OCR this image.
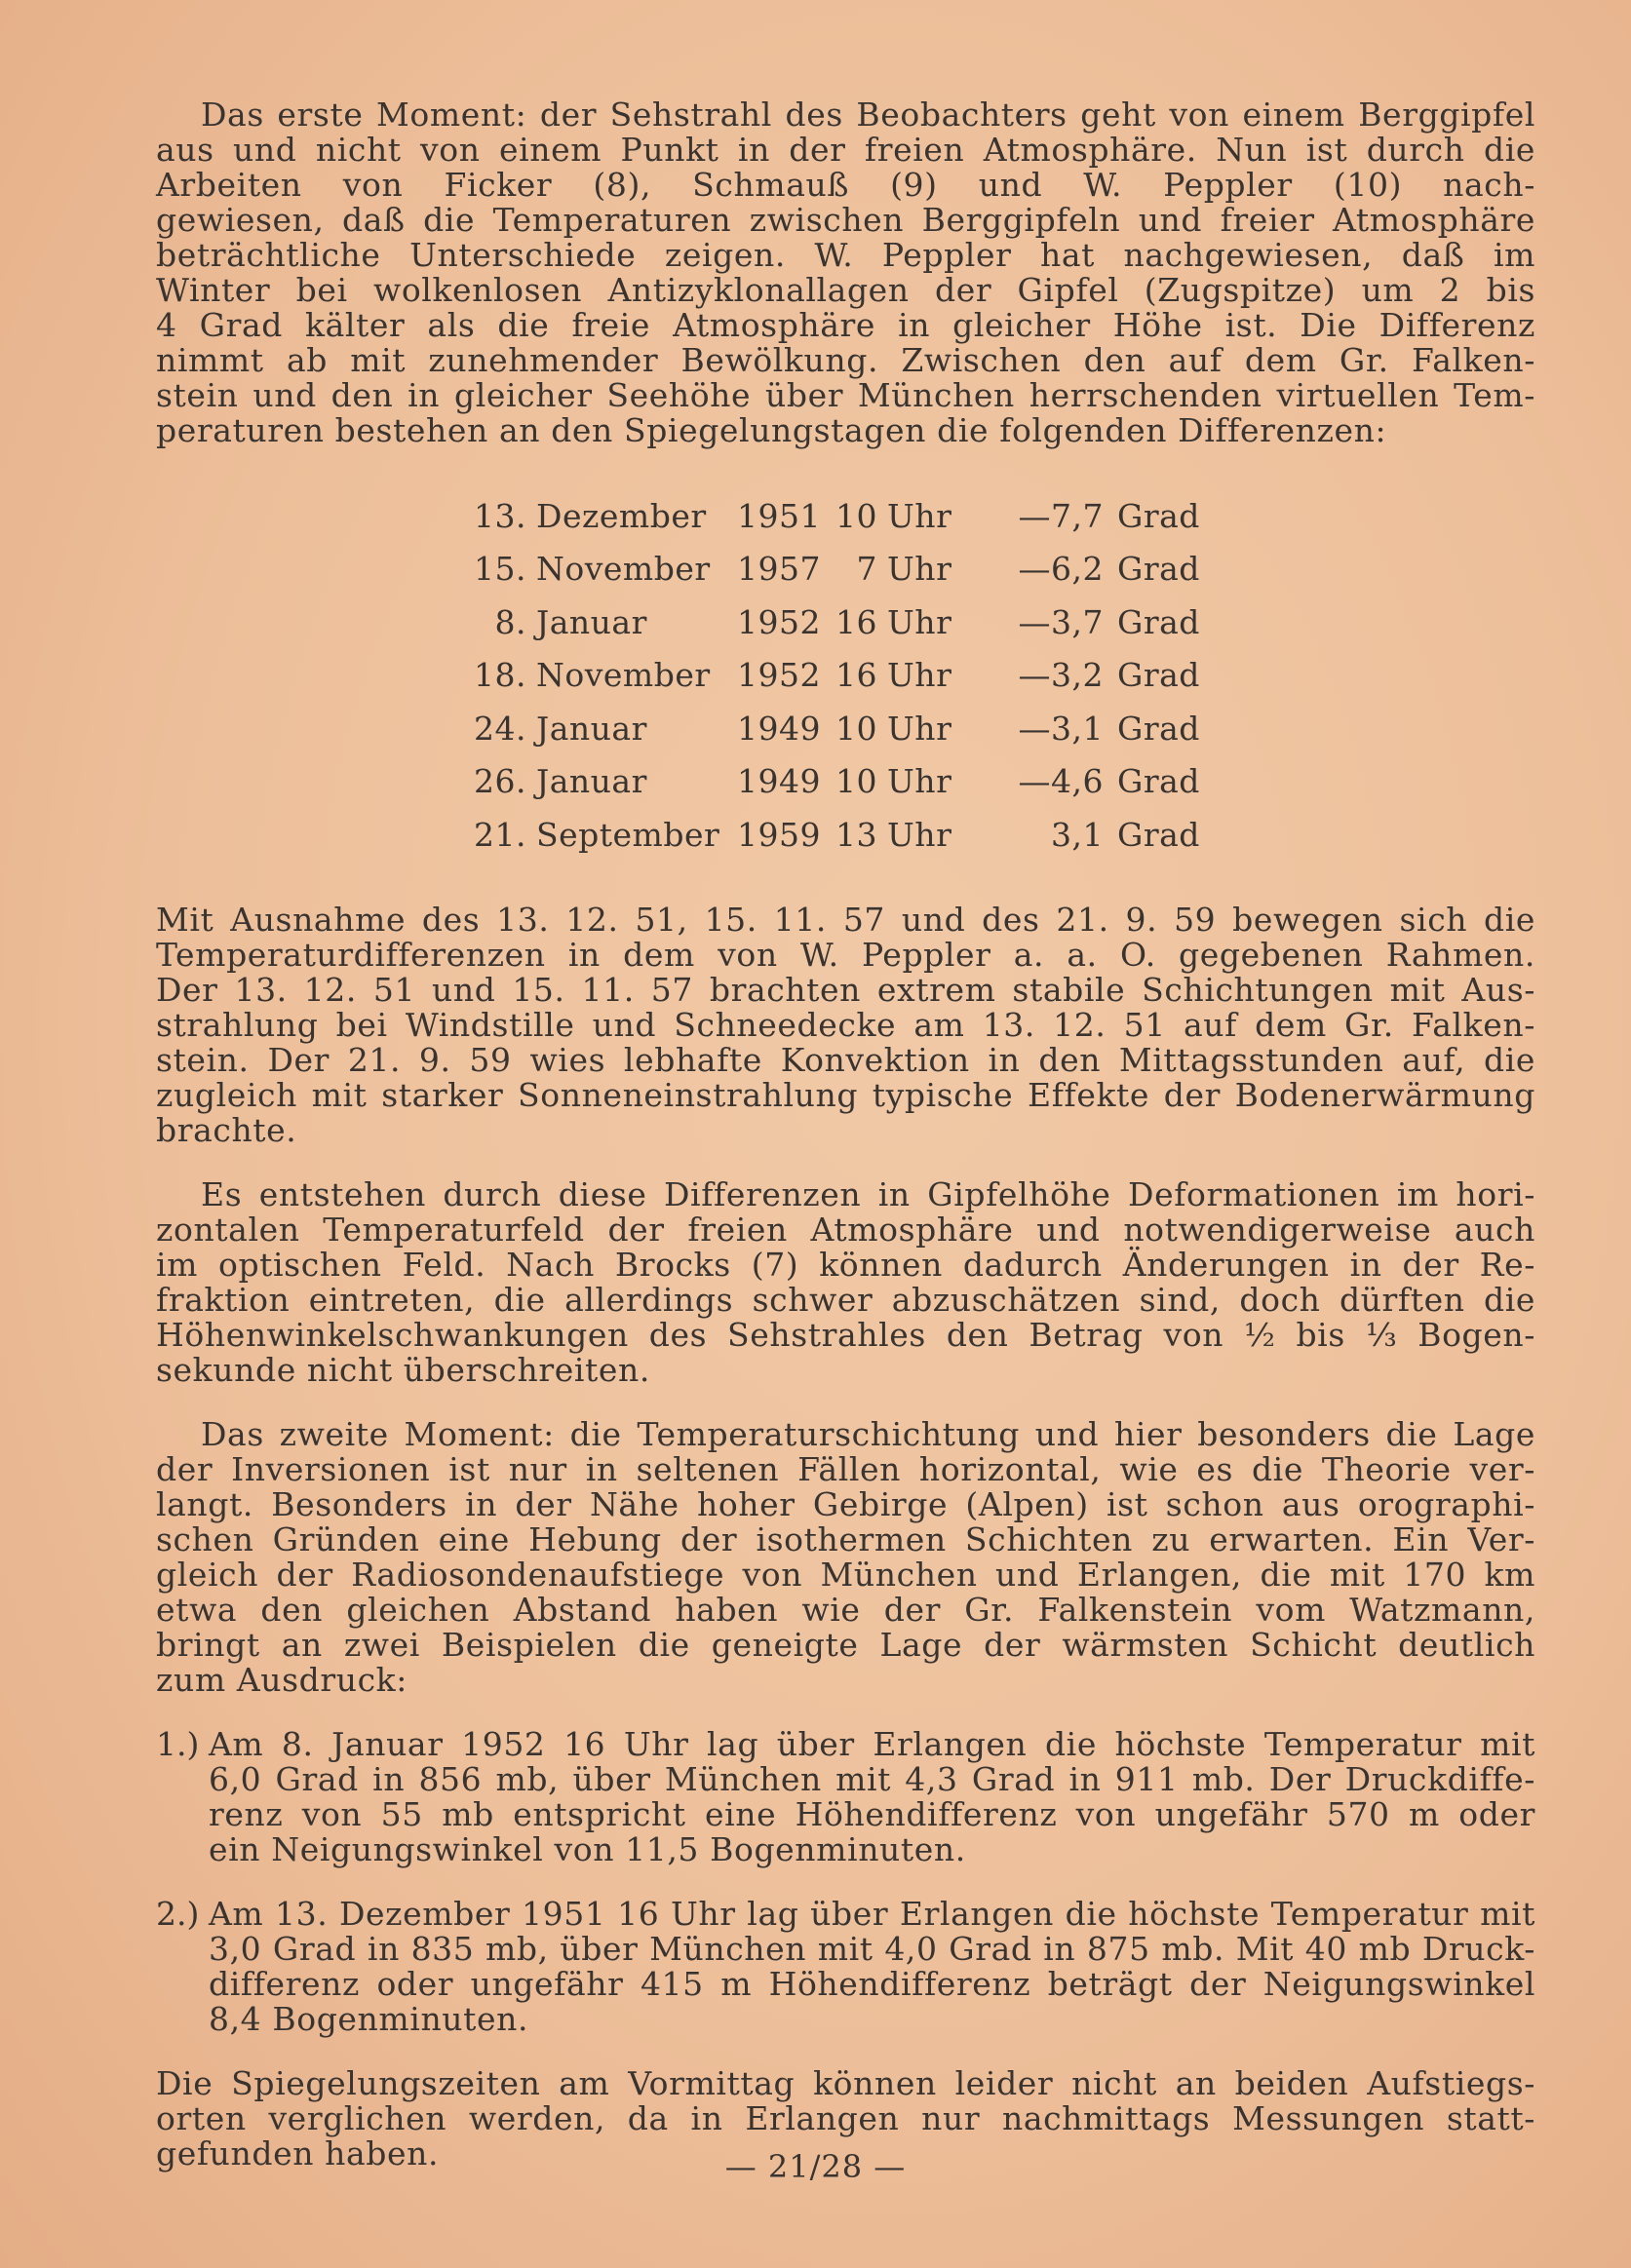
Das erste Moment: der Sehstrahl des Beobachters geht von einem Berggipfel
aus und nicht von einem Punkt in der freien Atmosphäre. Nun ist durch die
Arbeiten von Ficker (8), Schmauß (9) und W. Peppler (10) nach-
gewiesen, daß die Temperaturen zwischen Berggipfeln und freier Atmosphäre
beträchtliche Unterschiede zeigen. W. Peppler hat nachgewiesen, daß im
Winter bei wolkenlosen Antizyklonallagen der Gipfel (Zugspitze) um 2 bis
4 Grad kälter als die freie Atmosphäre in gleicher Höhe ist. Die Differenz
nimmt ab mit zunehmender Bewölkung. Zwischen den auf dem Gr. Falken-
stein und den in gleicher Seehöhe über München herrschenden virtuellen Tem-
peraturen bestehen an den Spiegelungstagen die folgenden Differenzen:

13.	Dezember	1951	10	Uhr	—7,7	Grad
15.	November	1957	7	Uhr	—6,2	Grad
8.	Januar	1952	16	Uhr	—3,7	Grad
18.	November	1952	16	Uhr	—3,2	Grad
24.	Januar	1949	10	Uhr	—3,1	Grad
26.	Januar	1949	10	Uhr	—4,6	Grad
21.	September	1959	13	Uhr	3,1	Grad

Mit Ausnahme des 13. 12. 51, 15. 11. 57 und des 21. 9. 59 bewegen sich die
Temperaturdifferenzen in dem von W. Peppler a. a. O. gegebenen Rahmen.
Der 13. 12. 51 und 15. 11. 57 brachten extrem stabile Schichtungen mit Aus-
strahlung bei Windstille und Schneedecke am 13. 12. 51 auf dem Gr. Falken-
stein. Der 21. 9. 59 wies lebhafte Konvektion in den Mittagsstunden auf, die
zugleich mit starker Sonneneinstrahlung typische Effekte der Bodenerwärmung
brachte.

Es entstehen durch diese Differenzen in Gipfelhöhe Deformationen im hori-
zontalen Temperaturfeld der freien Atmosphäre und notwendigerweise auch
im optischen Feld. Nach Brocks (7) können dadurch Änderungen in der Re-
fraktion eintreten, die allerdings schwer abzuschätzen sind, doch dürften die
Höhenwinkelschwankungen des Sehstrahles den Betrag von ½ bis ⅓ Bogen-
sekunde nicht überschreiten.

Das zweite Moment: die Temperaturschichtung und hier besonders die Lage
der Inversionen ist nur in seltenen Fällen horizontal, wie es die Theorie ver-
langt. Besonders in der Nähe hoher Gebirge (Alpen) ist schon aus orographi-
schen Gründen eine Hebung der isothermen Schichten zu erwarten. Ein Ver-
gleich der Radiosondenaufstiege von München und Erlangen, die mit 170 km
etwa den gleichen Abstand haben wie der Gr. Falkenstein vom Watzmann,
bringt an zwei Beispielen die geneigte Lage der wärmsten Schicht deutlich
zum Ausdruck:

1.) Am 8. Januar 1952 16 Uhr lag über Erlangen die höchste Temperatur mit
6,0 Grad in 856 mb, über München mit 4,3 Grad in 911 mb. Der Druckdiffe-
renz von 55 mb entspricht eine Höhendifferenz von ungefähr 570 m oder
ein Neigungswinkel von 11,5 Bogenminuten.

2.) Am 13. Dezember 1951 16 Uhr lag über Erlangen die höchste Temperatur mit
3,0 Grad in 835 mb, über München mit 4,0 Grad in 875 mb. Mit 40 mb Druck-
differenz oder ungefähr 415 m Höhendifferenz beträgt der Neigungswinkel
8,4 Bogenminuten.

Die Spiegelungszeiten am Vormittag können leider nicht an beiden Aufstiegs-
orten verglichen werden, da in Erlangen nur nachmittags Messungen statt-
gefunden haben.	— 21/28 —
